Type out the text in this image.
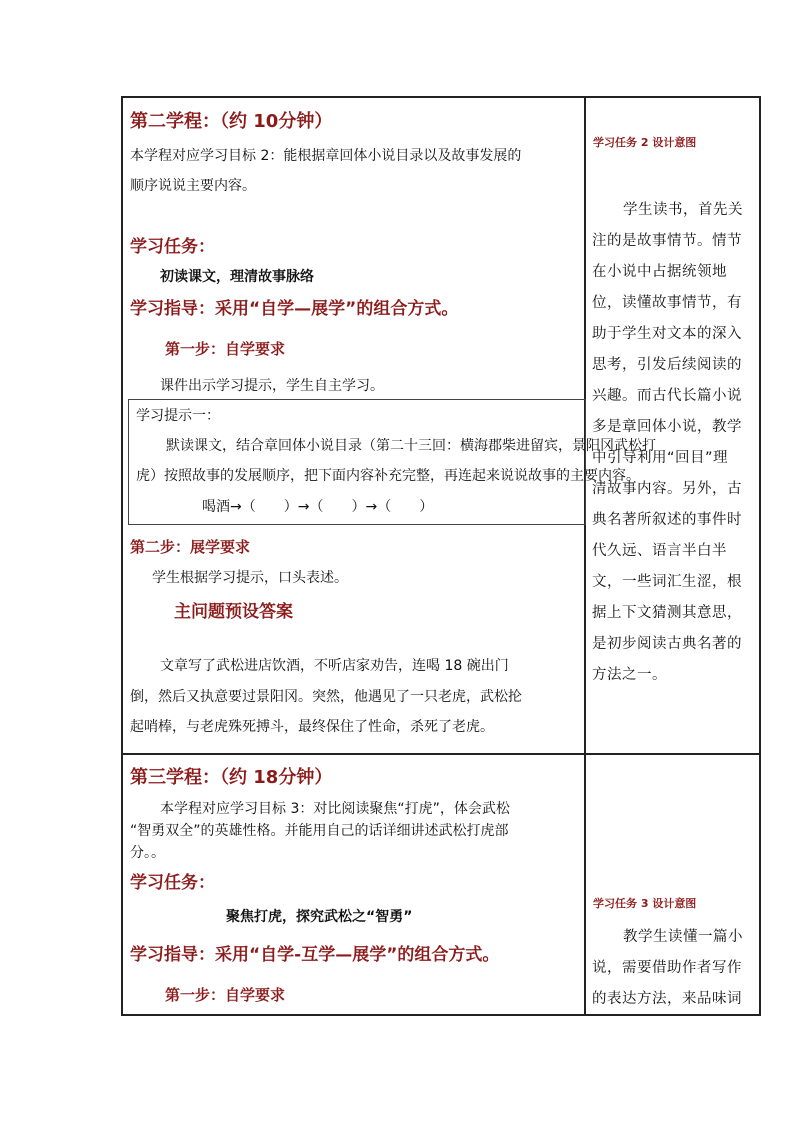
第二学程：（约 10分钟）
本学程对应学习目标 2：能根据章回体小说目录以及故事发展的
顺序说说主要内容。
学习任务：
初读课文，理清故事脉络
学习指导：采用“自学—展学”的组合方式。
第一步：自学要求
课件出示学习提示，学生自主学习。
学习提示一：
默读课文，结合章回体小说目录（第二十三回：横海郡柴进留宾，景阳冈武松打
虎）按照故事的发展顺序，把下面内容补充完整，再连起来说说故事的主要内容。
喝酒→（　　）→（　　）→（　　）
第二步：展学要求
学生根据学习提示，口头表述。
主问题预设答案
文章写了武松进店饮酒，不听店家劝告，连喝 18 碗出门
倒，然后又执意要过景阳冈。突然，他遇见了一只老虎，武松抡
起哨棒，与老虎殊死搏斗，最终保住了性命，杀死了老虎。
学习任务 2 设计意图
学生读书，首先关
注的是故事情节。情节
在小说中占据统领地
位，读懂故事情节，有
助于学生对文本的深入
思考，引发后续阅读的
兴趣。而古代长篇小说
多是章回体小说，教学
中引导利用“回目”理
清故事内容。另外，古
典名著所叙述的事件时
代久远、语言半白半
文，一些词汇生涩，根
据上下文猜测其意思，
是初步阅读古典名著的
方法之一。
第三学程：（约 18分钟）
本学程对应学习目标 3：对比阅读聚焦“打虎”，体会武松
“智勇双全”的英雄性格。并能用自己的话详细讲述武松打虎部
分。。
学习任务：
聚焦打虎，探究武松之“智勇”
学习指导：采用“自学-互学—展学”的组合方式。
第一步：自学要求
学习任务 3 设计意图
教学生读懂一篇小
说，需要借助作者写作
的表达方法，来品味词
